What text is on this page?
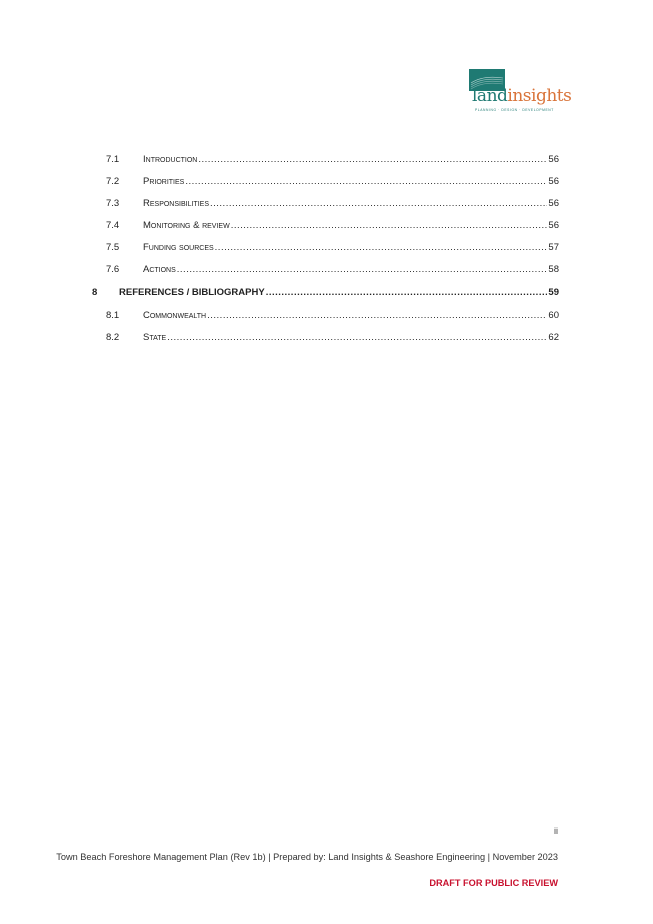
landinsights
PLANNING · DESIGN · DEVELOPMENT
7.1	Introduction .....	56
7.2	Priorities .....	56
7.3	Responsibilities .....	56
7.4	Monitoring & review .....	56
7.5	Funding sources .....	57
7.6	Actions .....	58
8 REFERENCES / BIBLIOGRAPHY .....	59
8.1	Commonwealth .....	60
8.2	State .....	62
ii
Town Beach Foreshore Management Plan (Rev 1b) | Prepared by: Land Insights & Seashore Engineering | November 2023
DRAFT FOR PUBLIC REVIEW
